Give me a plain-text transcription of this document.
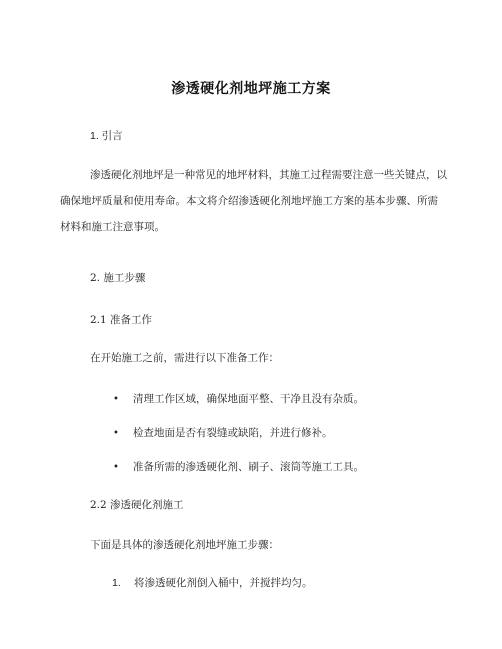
渗透硬化剂地坪施工方案
1. 引言
渗透硬化剂地坪是一种常见的地坪材料，其施工过程需要注意一些关键点，以
确保地坪质量和使用寿命。本文将介绍渗透硬化剂地坪施工方案的基本步骤、所需
材料和施工注意事项。
2. 施工步骤
2.1 准备工作
在开始施工之前，需进行以下准备工作：
• 清理工作区域，确保地面平整、干净且没有杂质。
• 检查地面是否有裂缝或缺陷，并进行修补。
• 准备所需的渗透硬化剂、刷子、滚筒等施工工具。
2.2 渗透硬化剂施工
下面是具体的渗透硬化剂地坪施工步骤：
1. 将渗透硬化剂倒入桶中，并搅拌均匀。
